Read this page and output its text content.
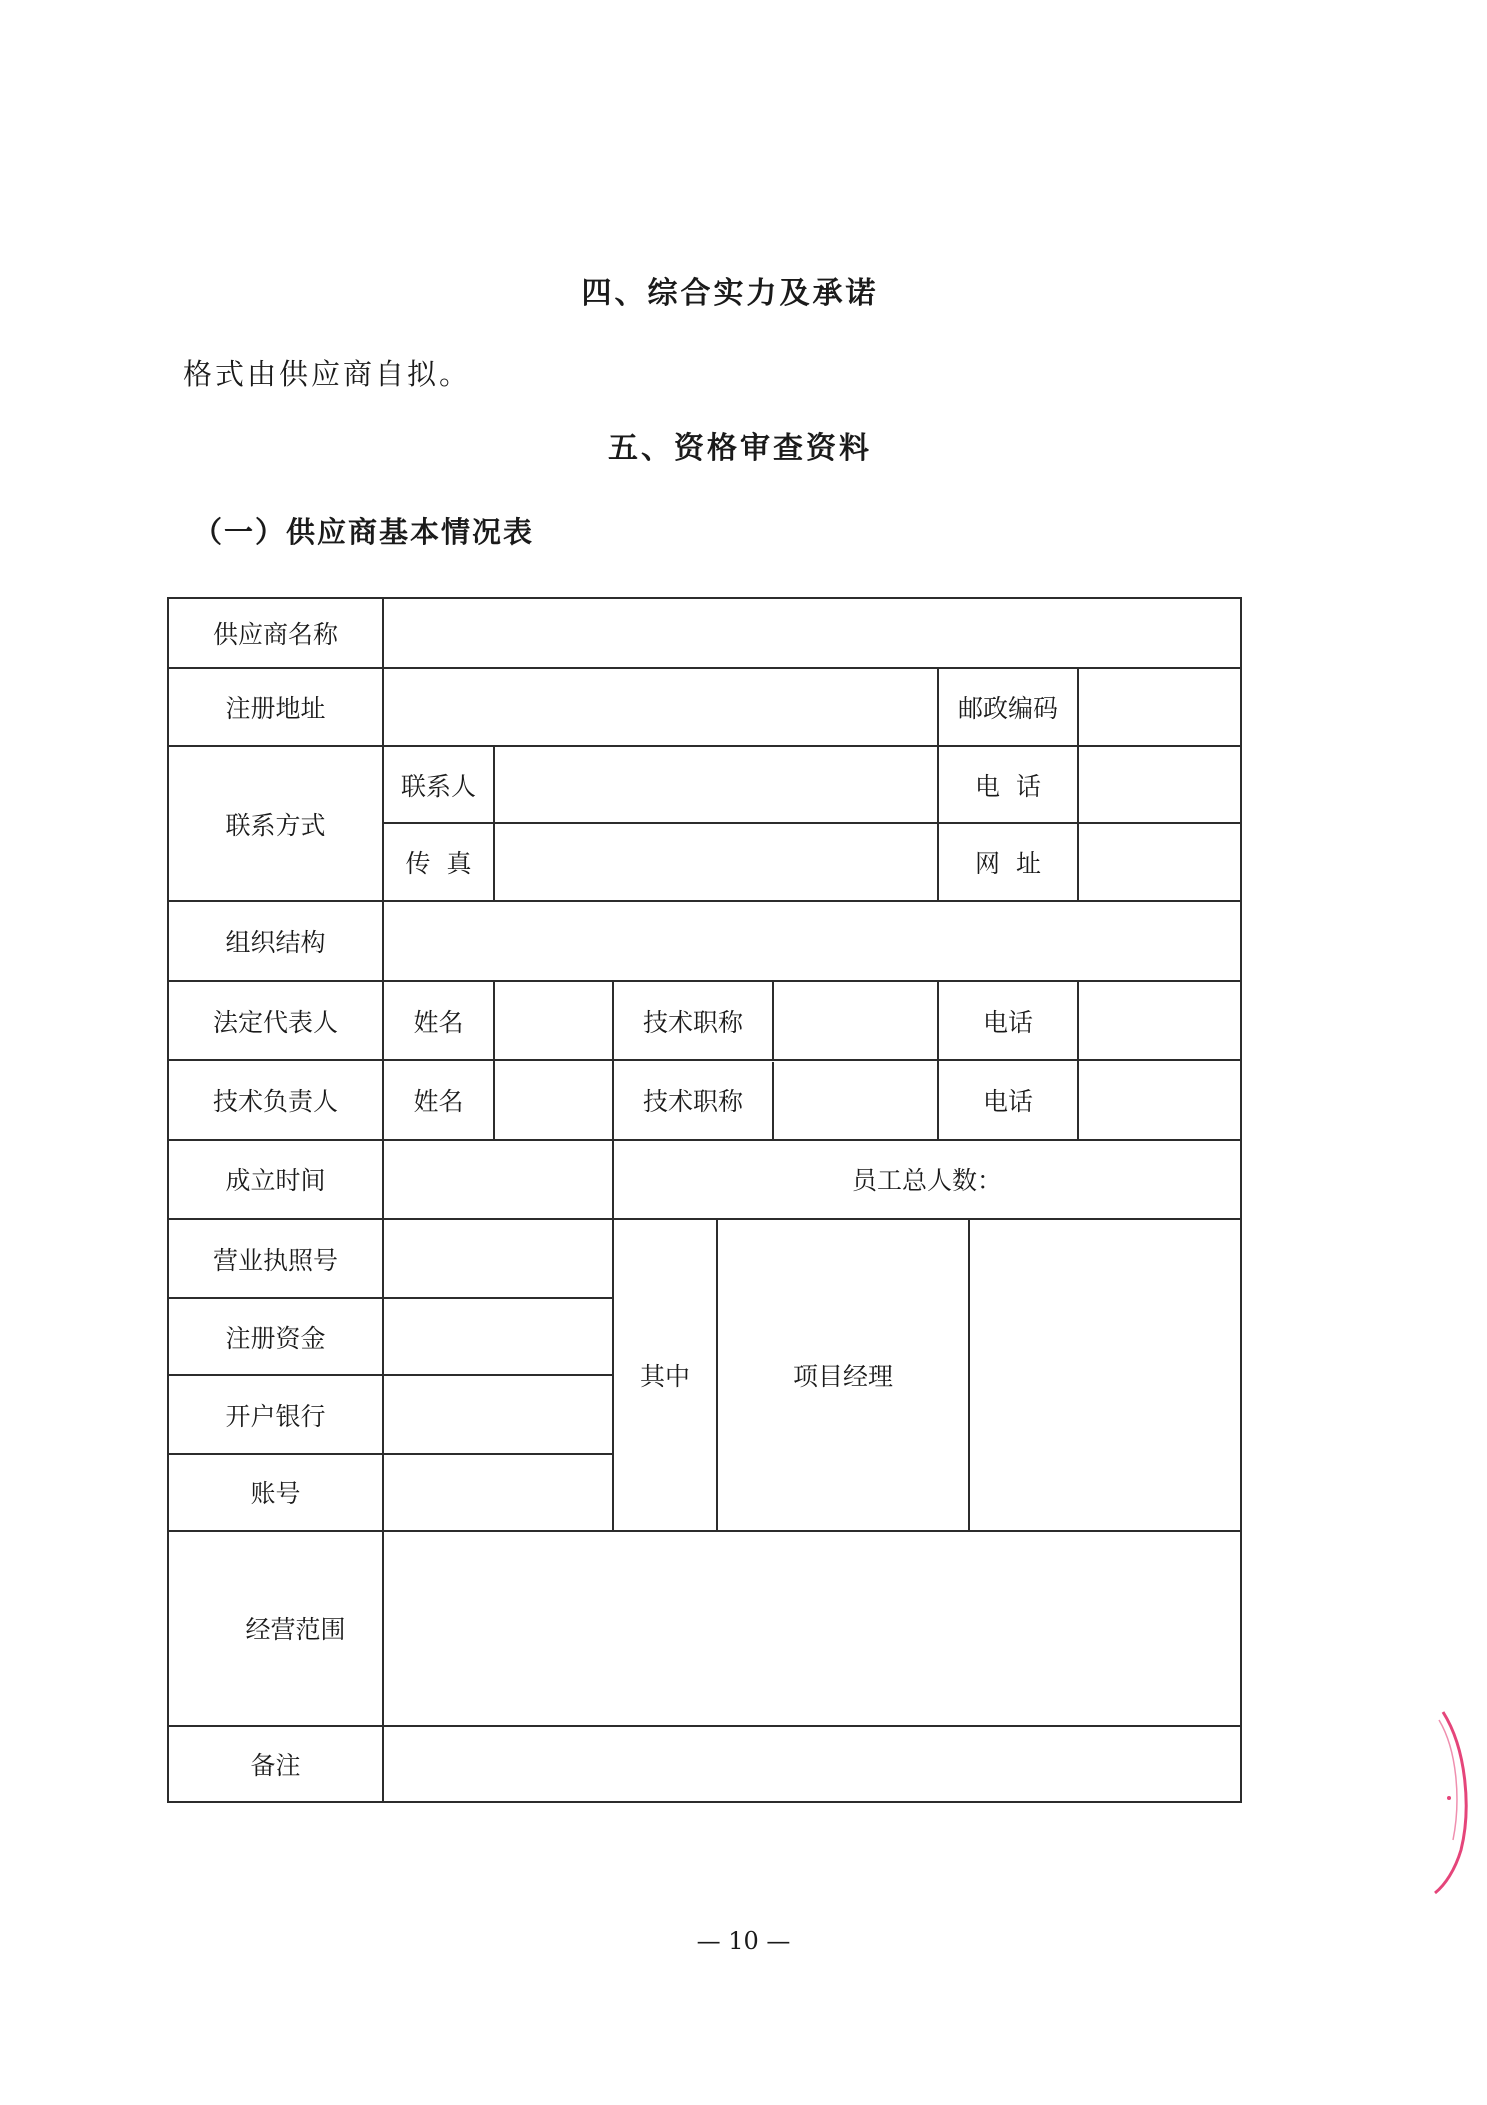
四、综合实力及承诺
格式由供应商自拟。
五、资格审查资料
（一）供应商基本情况表
供应商名称							
注册地址					邮政编码		
联系方式	联系人				电  话		
	传  真				网  址		
组织结构							
法定代表人	姓名		技术职称		电话		
技术负责人	姓名		技术职称		电话		
成立时间			员工总人数：				
营业执照号			其中	项目经理			
注册资金							
开户银行							
账号							
经营范围							
备注							
— 10 —
